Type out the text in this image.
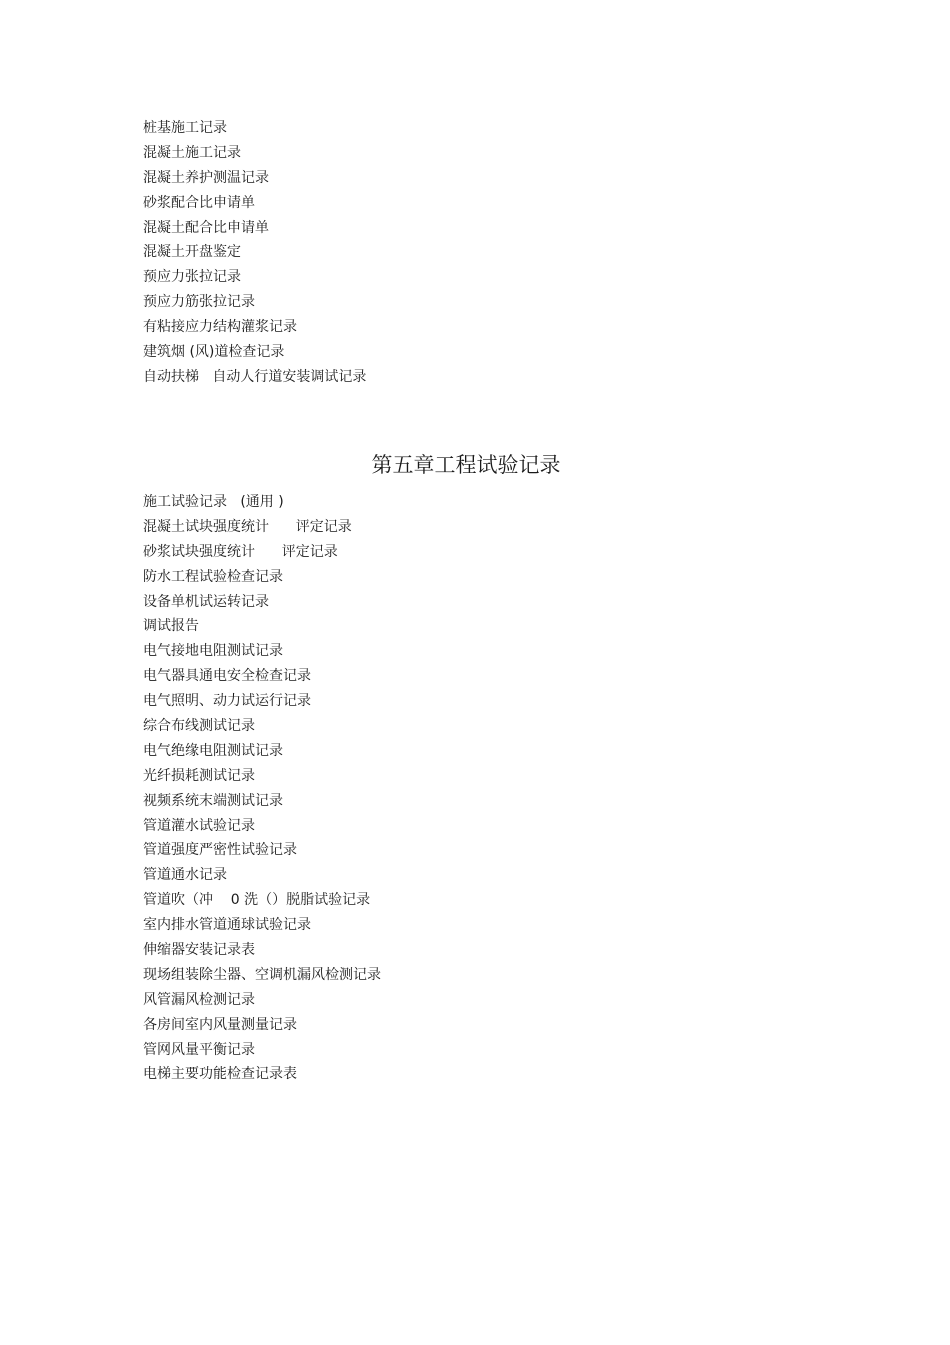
桩基施工记录
混凝土施工记录
混凝土养护测温记录
砂浆配合比申请单
混凝土配合比申请单
混凝土开盘鉴定
预应力张拉记录
预应力筋张拉记录
有粘接应力结构灌浆记录
建筑烟 (风)道检查记录
自动扶梯   自动人行道安装调试记录
第五章工程试验记录
施工试验记录   (通用 )
混凝土试块强度统计      评定记录
砂浆试块强度统计      评定记录
防水工程试验检查记录
设备单机试运转记录
调试报告
电气接地电阻测试记录
电气器具通电安全检查记录
电气照明、动力试运行记录
综合布线测试记录
电气绝缘电阻测试记录
光纤损耗测试记录
视频系统末端测试记录
管道灌水试验记录
管道强度严密性试验记录
管道通水记录
管道吹（冲    0 洗（）脱脂试验记录
室内排水管道通球试验记录
伸缩器安装记录表
现场组装除尘器、空调机漏风检测记录
风管漏风检测记录
各房间室内风量测量记录
管网风量平衡记录
电梯主要功能检查记录表
